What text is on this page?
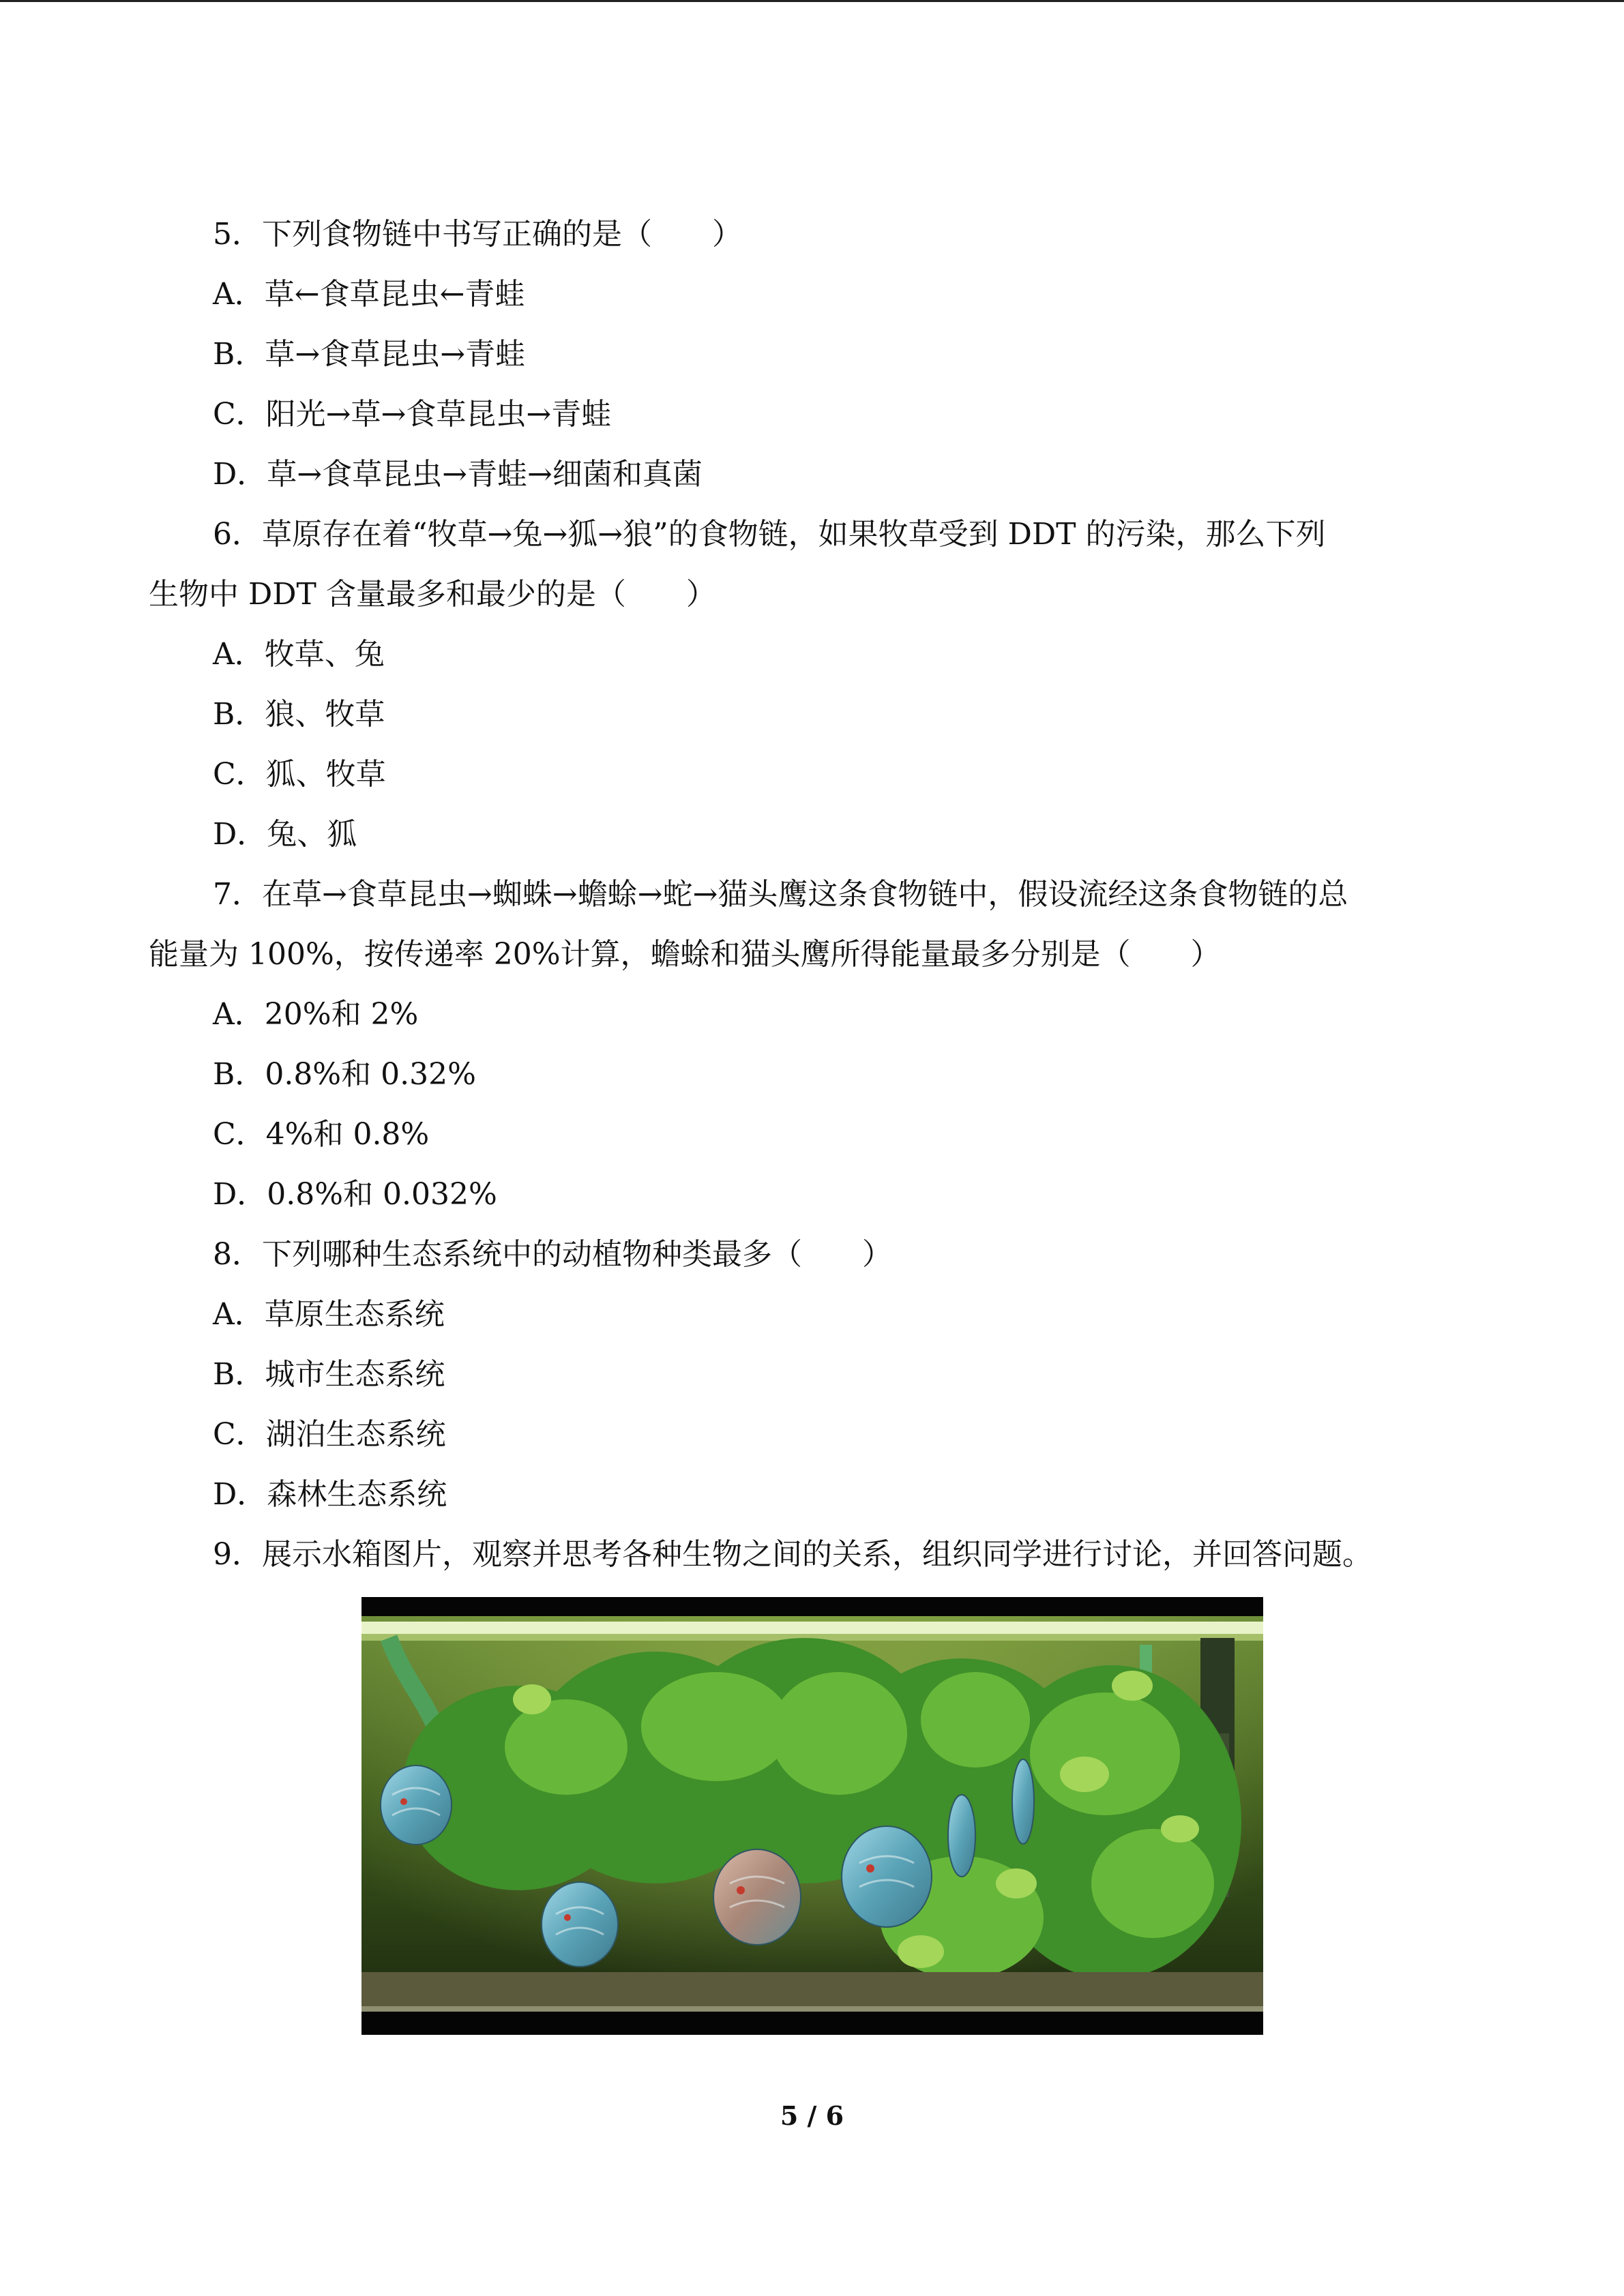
5．下列食物链中书写正确的是（　　）
A．草←食草昆虫←青蛙
B．草→食草昆虫→青蛙
C．阳光→草→食草昆虫→青蛙
D．草→食草昆虫→青蛙→细菌和真菌
6．草原存在着“牧草→兔→狐→狼”的食物链，如果牧草受到 DDT 的污染，那么下列
生物中 DDT 含量最多和最少的是（　　）
A．牧草、兔
B．狼、牧草
C．狐、牧草
D．兔、狐
7．在草→食草昆虫→蜘蛛→蟾蜍→蛇→猫头鹰这条食物链中，假设流经这条食物链的总
能量为 100%，按传递率 20%计算，蟾蜍和猫头鹰所得能量最多分别是（　　）
A．20%和 2%
B．0.8%和 0.32%
C．4%和 0.8%
D．0.8%和 0.032%
8．下列哪种生态系统中的动植物种类最多（　　）
A．草原生态系统
B．城市生态系统
C．湖泊生态系统
D．森林生态系统
9．展示水箱图片，观察并思考各种生物之间的关系，组织同学进行讨论，并回答问题。
5 / 6
